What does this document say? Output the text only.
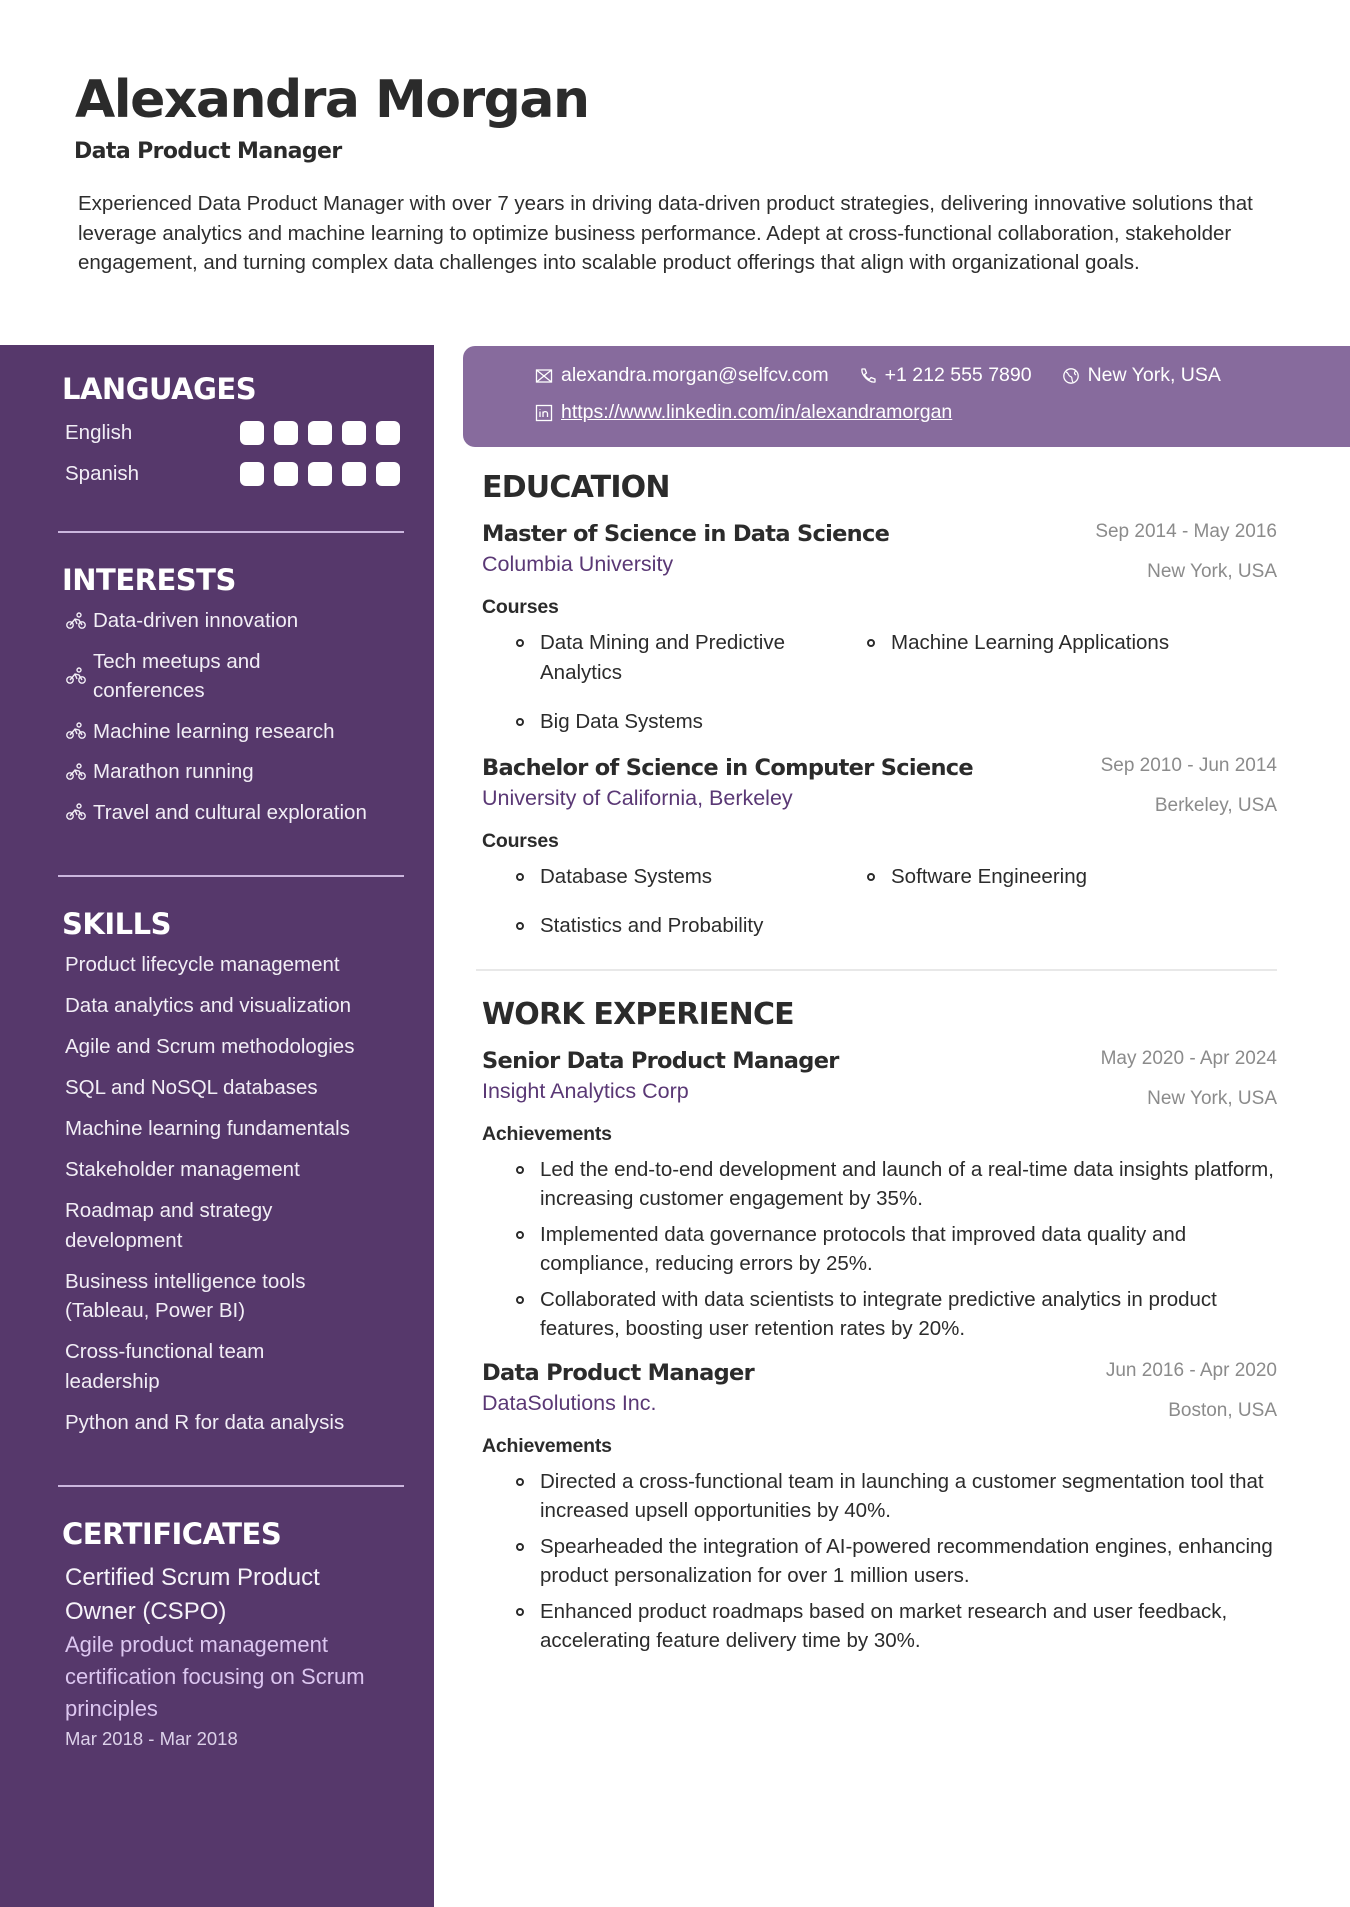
Alexandra Morgan
Data Product Manager
Experienced Data Product Manager with over 7 years in driving data-driven product strategies, delivering innovative solutions that leverage analytics and machine learning to optimize business performance. Adept at cross-functional collaboration, stakeholder engagement, and turning complex data challenges into scalable product offerings that align with organizational goals.
LANGUAGES
English
Spanish
INTERESTS
Data-driven innovation
Tech meetups and conferences
Machine learning research
Marathon running
Travel and cultural exploration
SKILLS
Product lifecycle management
Data analytics and visualization
Agile and Scrum methodologies
SQL and NoSQL databases
Machine learning fundamentals
Stakeholder management
Roadmap and strategy development
Business intelligence tools (Tableau, Power BI)
Cross-functional team leadership
Python and R for data analysis
CERTIFICATES
Certified Scrum Product Owner (CSPO)
Agile product management certification focusing on Scrum principles
Mar 2018 - Mar 2018
alexandra.morgan@selfcv.com	+1 212 555 7890	New York, USA
https://www.linkedin.com/in/alexandramorgan
EDUCATION
Master of Science in Data Science
Columbia University
Sep 2014 - May 2016
New York, USA
Courses
Data Mining and Predictive Analytics
Machine Learning Applications
Big Data Systems
Bachelor of Science in Computer Science
University of California, Berkeley
Sep 2010 - Jun 2014
Berkeley, USA
Courses
Database Systems	Software Engineering
Statistics and Probability
WORK EXPERIENCE
Senior Data Product Manager
Insight Analytics Corp
May 2020 - Apr 2024
New York, USA
Achievements
Led the end-to-end development and launch of a real-time data insights platform, increasing customer engagement by 35%.
Implemented data governance protocols that improved data quality and compliance, reducing errors by 25%.
Collaborated with data scientists to integrate predictive analytics in product features, boosting user retention rates by 20%.
Data Product Manager
DataSolutions Inc.
Jun 2016 - Apr 2020
Boston, USA
Achievements
Directed a cross-functional team in launching a customer segmentation tool that increased upsell opportunities by 40%.
Spearheaded the integration of AI-powered recommendation engines, enhancing product personalization for over 1 million users.
Enhanced product roadmaps based on market research and user feedback, accelerating feature delivery time by 30%.
